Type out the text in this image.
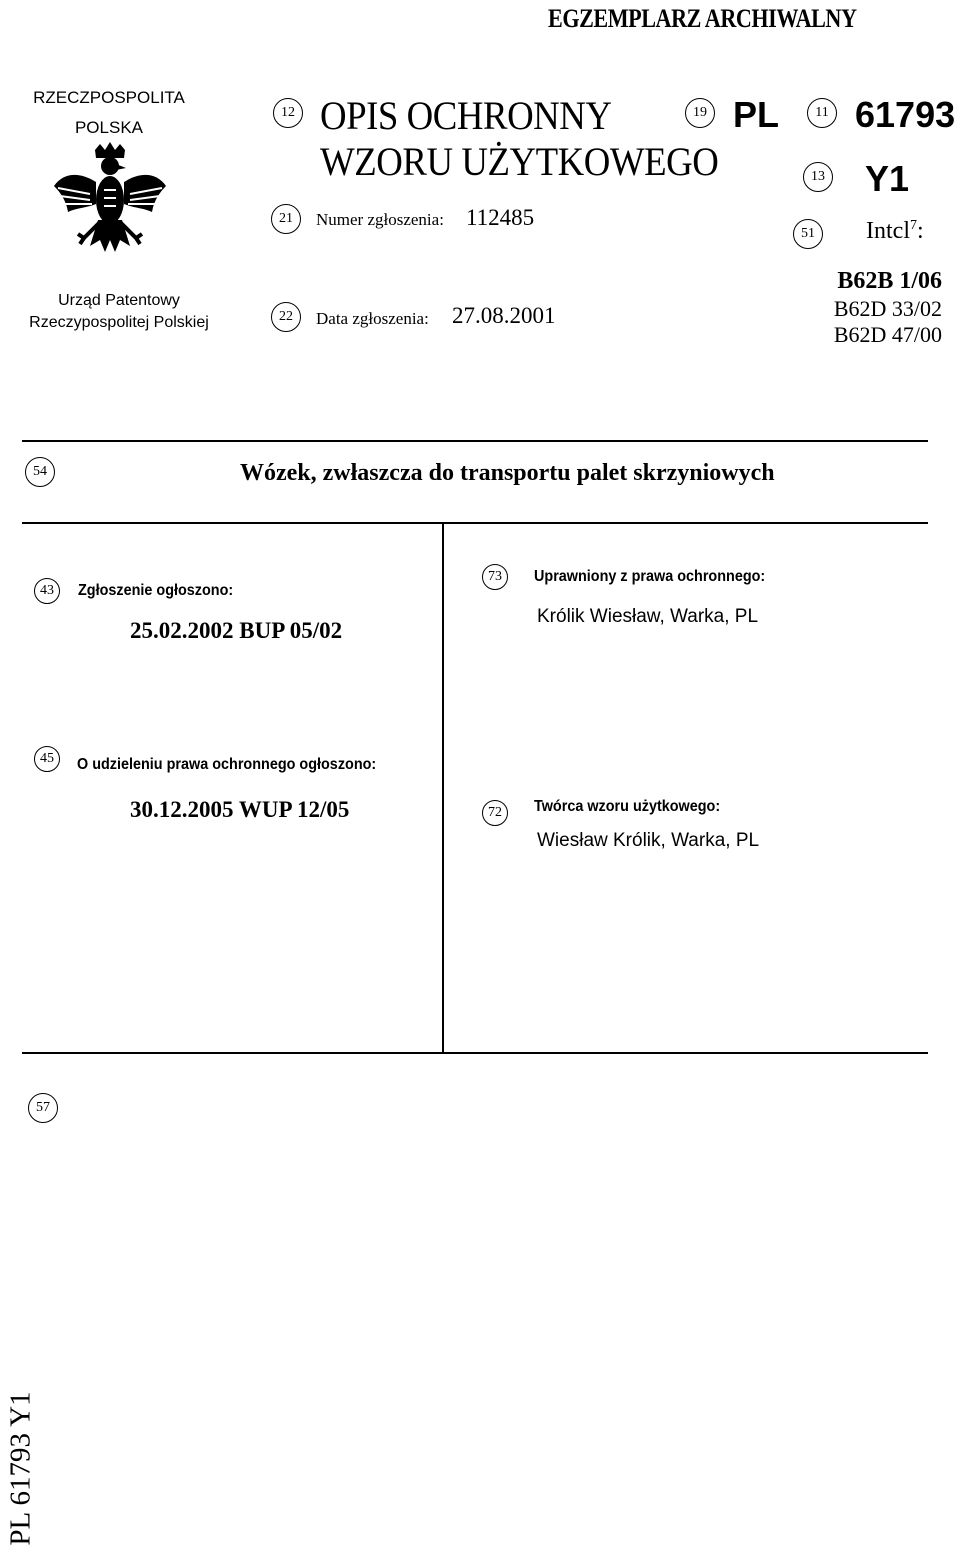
EGZEMPLARZ ARCHIWALNY
RZECZPOSPOLITA
POLSKA
Urząd Patentowy
Rzeczypospolitej Polskiej
12 OPIS OCHRONNY
WZORU UŻYTKOWEGO
19 PL	11 61793
13 Y1
21	Numer zgłoszenia: 112485
51	Intcl$^7$:
B62B 1/06
B62D 33/02
B62D 47/00
22	Data zgłoszenia: 27.08.2001
54	Wózek, zwłaszcza do transportu palet skrzyniowych
43	Zgłoszenie ogłoszono:
25.02.2002 BUP 05/02
73	Uprawniony z prawa ochronnego:
Królik Wiesław, Warka, PL
45	O udzieleniu prawa ochronnego ogłoszono:
30.12.2005 WUP 12/05	72	Twórca wzoru użytkowego:
Wiesław Królik, Warka, PL
57
PL 61793 Y1
